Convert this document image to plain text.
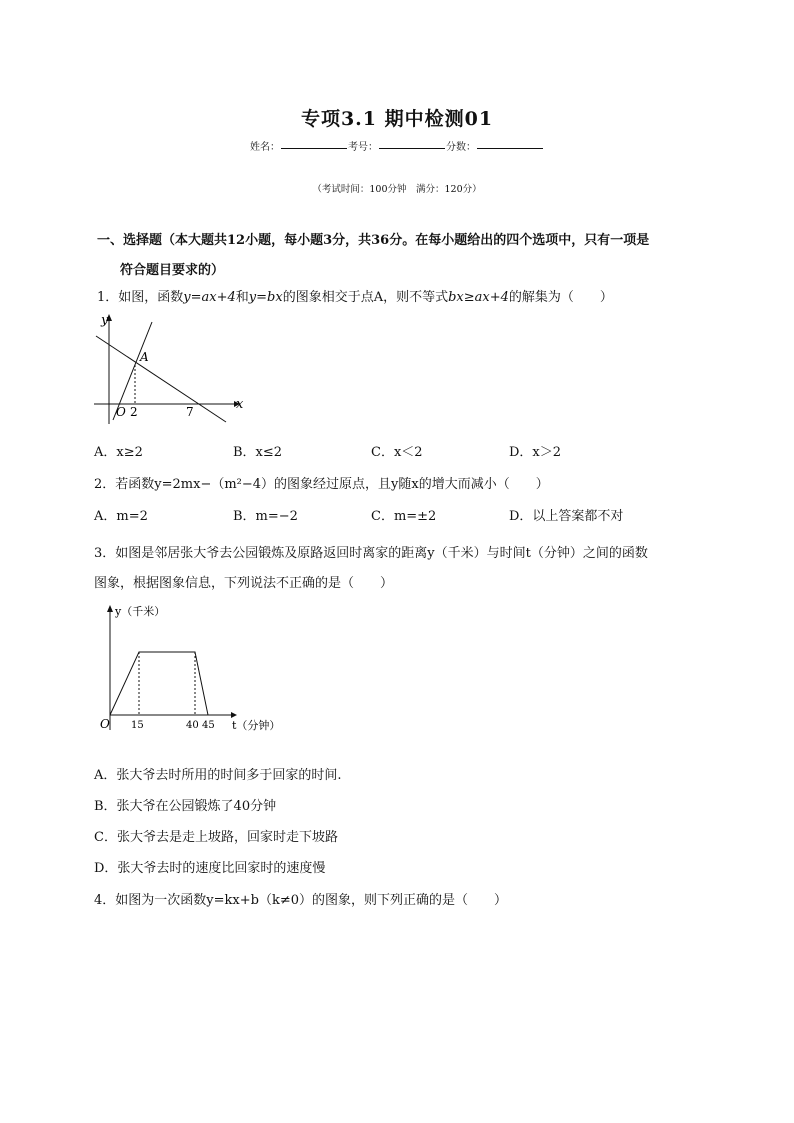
专项3.1 期中检测01
姓名：	考号：	分数：
（考试时间：100分钟　满分：120分）
一、选择题（本大题共12小题，每小题3分，共36分。在每小题给出的四个选项中，只有一项是
符合题目要求的）
1．如图，函数y=ax+4和y=bx的图象相交于点A，则不等式bx≥ax+4的解集为（　　）
y
x
O
A
2	7
A．x≥2	B．x≤2	C．x＜2	D．x＞2
2．若函数y=2mx−（m²−4）的图象经过原点，且y随x的增大而减小（　　）
A．m=2	B．m=−2	C．m=±2	D．以上答案都不对
3．如图是邻居张大爷去公园锻炼及原路返回时离家的距离y（千米）与时间t（分钟）之间的函数
图象，根据图象信息，下列说法不正确的是（　　）
y（千米）
t（分钟）
O 15	40 45
A．张大爷去时所用的时间多于回家的时间.
B．张大爷在公园锻炼了40分钟
C．张大爷去是走上坡路，回家时走下坡路
D．张大爷去时的速度比回家时的速度慢
4．如图为一次函数y=kx+b（k≠0）的图象，则下列正确的是（　　）
